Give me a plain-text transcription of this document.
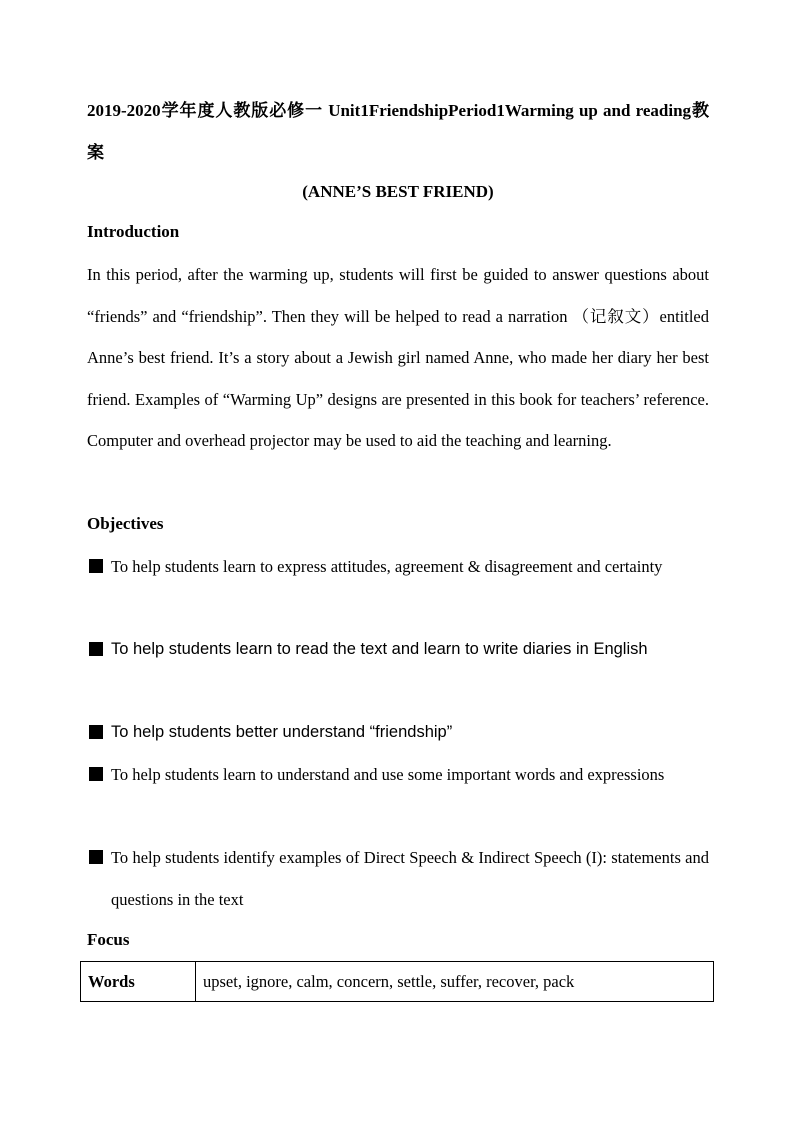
2019-2020学年度人教版必修一 Unit1FriendshipPeriod1Warming up and reading教案
(ANNE’S BEST FRIEND)
Introduction
In this period, after the warming up, students will first be guided to answer questions about “friends” and “friendship”. Then they will be helped to read a narration （记叙文）entitled Anne’s best friend. It’s a story about a Jewish girl named Anne, who made her diary her best friend. Examples of “Warming Up” designs are presented in this book for teachers’ reference. Computer and overhead projector may be used to aid the teaching and learning.
Objectives
To help students learn to express attitudes, agreement & disagreement and certainty
To help students learn to read the text and learn to write diaries in English
To help students better understand “friendship”
To help students learn to understand and use some important words and expressions
To help students identify examples of Direct Speech & Indirect Speech (I): statements and questions in the text
Focus
Words	upset, ignore, calm, concern, settle, suffer, recover, pack
